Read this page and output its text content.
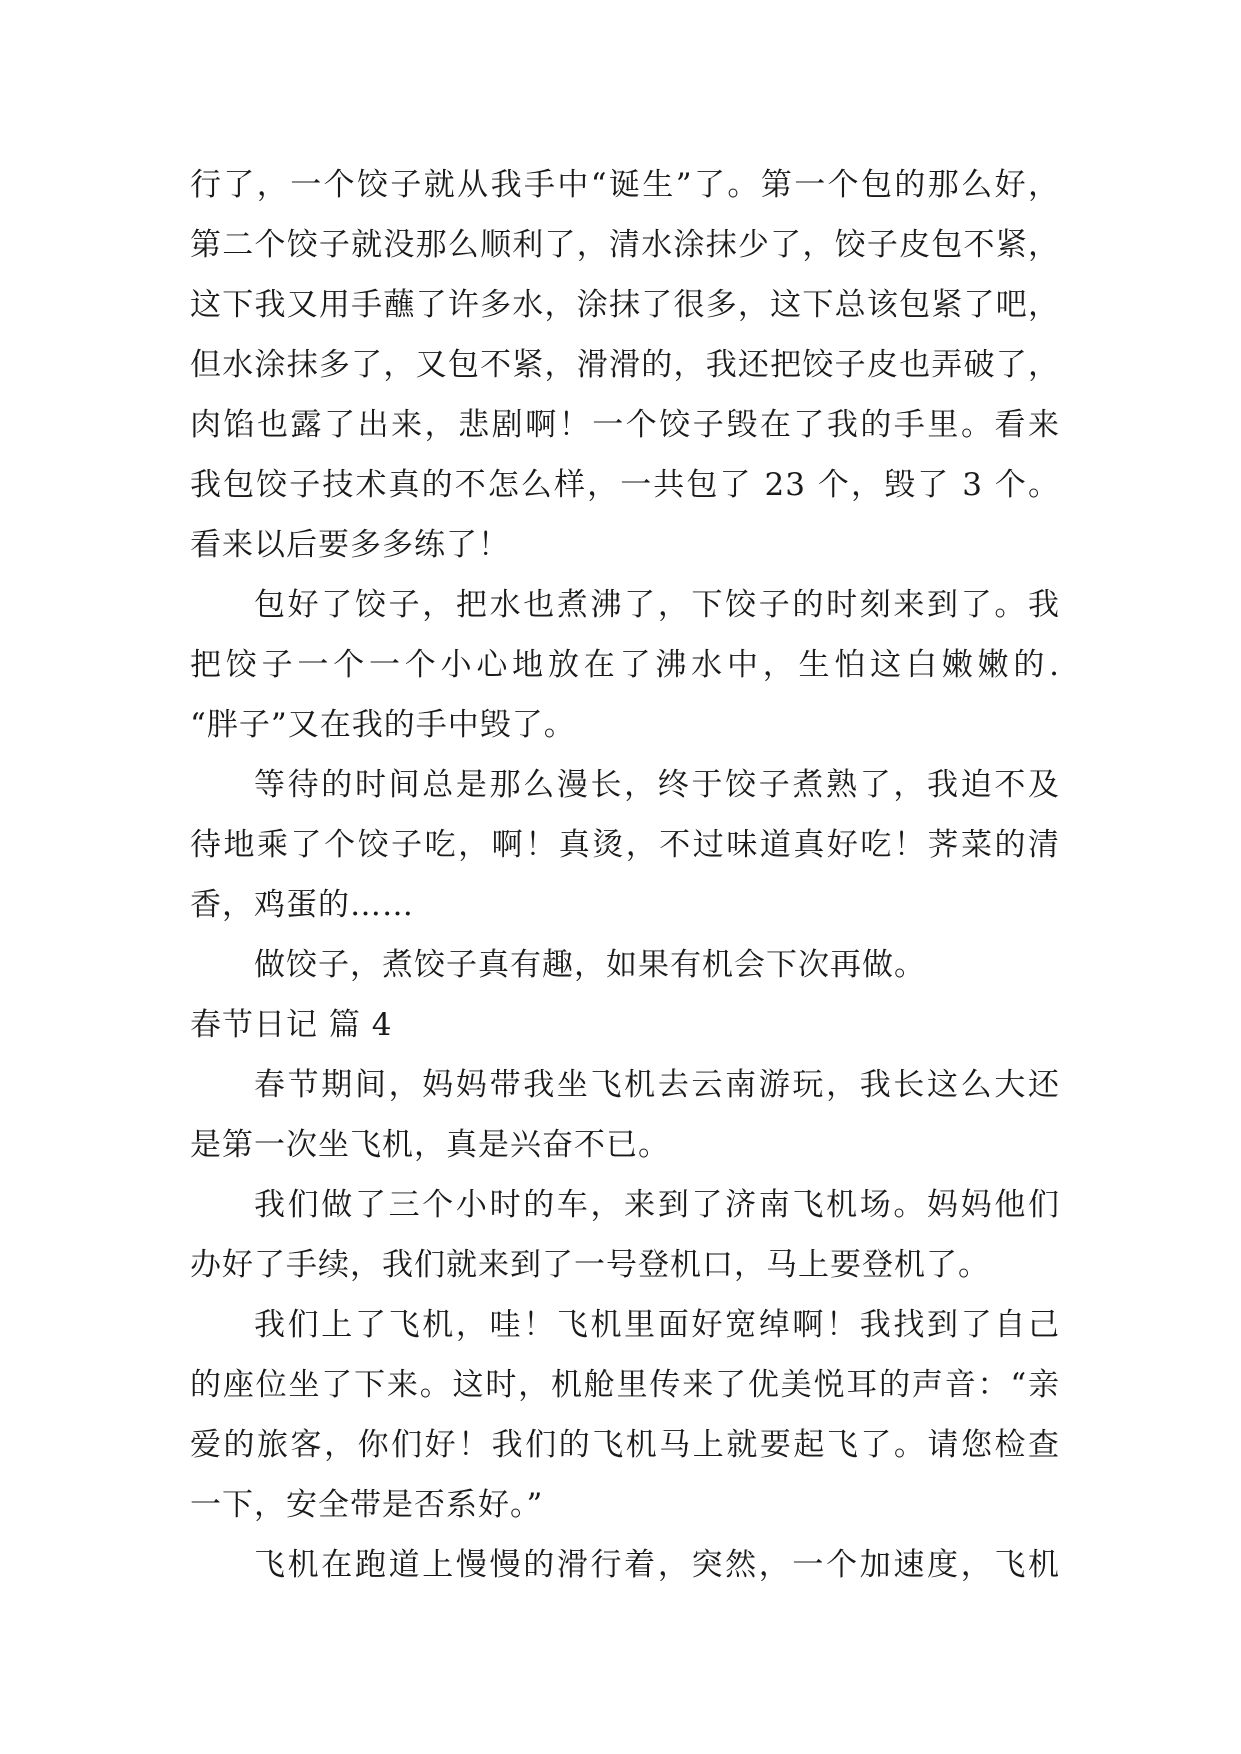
行了，一个饺子就从我手中“诞生”了。第一个包的那么好，
第二个饺子就没那么顺利了，清水涂抹少了，饺子皮包不紧，
这下我又用手蘸了许多水，涂抹了很多，这下总该包紧了吧，
但水涂抹多了，又包不紧，滑滑的，我还把饺子皮也弄破了，
肉馅也露了出来，悲剧啊！一个饺子毁在了我的手里。看来
我包饺子技术真的不怎么样，一共包了 23 个，毁了 3 个。
看来以后要多多练了！

包好了饺子，把水也煮沸了，下饺子的时刻来到了。我
把饺子一个一个小心地放在了沸水中，生怕这白嫩嫩的.
“胖子”又在我的手中毁了。

等待的时间总是那么漫长，终于饺子煮熟了，我迫不及
待地乘了个饺子吃，啊！真烫，不过味道真好吃！荠菜的清
香，鸡蛋的……

做饺子，煮饺子真有趣，如果有机会下次再做。

春节日记 篇 4

春节期间，妈妈带我坐飞机去云南游玩，我长这么大还
是第一次坐飞机，真是兴奋不已。

我们做了三个小时的车，来到了济南飞机场。妈妈他们
办好了手续，我们就来到了一号登机口，马上要登机了。

我们上了飞机，哇！飞机里面好宽绰啊！我找到了自己
的座位坐了下来。这时，机舱里传来了优美悦耳的声音：“亲
爱的旅客，你们好！我们的飞机马上就要起飞了。请您检查
一下，安全带是否系好。”

飞机在跑道上慢慢的滑行着，突然，一个加速度，飞机
